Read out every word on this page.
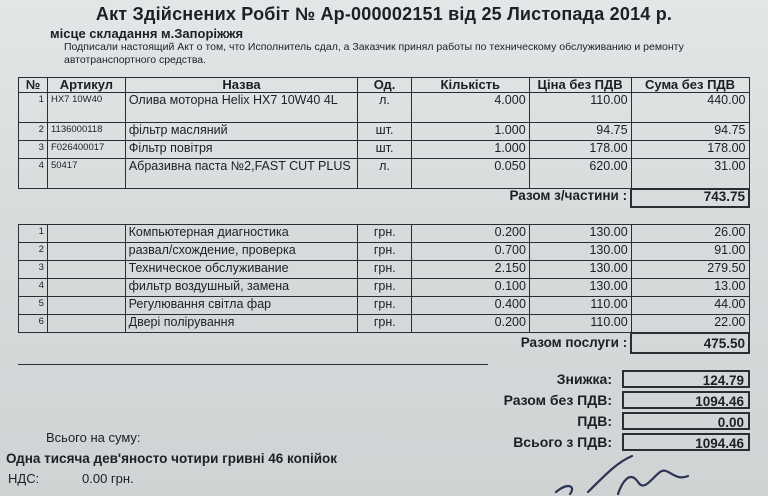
Акт Здійснених Робіт № Ар-000002151 від 25 Листопада 2014 р.
місце складання м.Запоріжжя
Подписали настоящий Акт о том, что Исполнитель сдал, а Заказчик принял работы по техническому обслуживанию и ремонту автотранспортного средства.
№	Артикул	Назва	Од.	Кількість	Ціна без ПДВ	Сума без ПДВ
1	HX7 10W40	Олива моторна Helix HX7 10W40 4L	л.	4.000	110.00	440.00
2	1136000118	фільтр масляний	шт.	1.000	94.75	94.75
3	F026400017	Фільтр повітря	шт.	1.000	178.00	178.00
4	50417	Абразивна паста №2,FAST CUT PLUS	л.	0.050	620.00	31.00
Разом з/частини :						743.75
1		Компьютерная диагностика	грн.	0.200	130.00	26.00
2		развал/схождение, проверка	грн.	0.700	130.00	91.00
3		Техническое обслуживание	грн.	2.150	130.00	279.50
4		фильтр воздушный, замена	грн.	0.100	130.00	13.00
5		Регулювання світла фар	грн.	0.400	110.00	44.00
6		Двері полірування	грн.	0.200	110.00	22.00
Разом послуги :						475.50
Знижка:	124.79
Разом без ПДВ:	1094.46
ПДВ:	0.00
Всього з ПДВ:	1094.46
Всього на суму:
Одна тисяча дев'яносто чотири гривні 46 копійок
НДС:	0.00 грн.
